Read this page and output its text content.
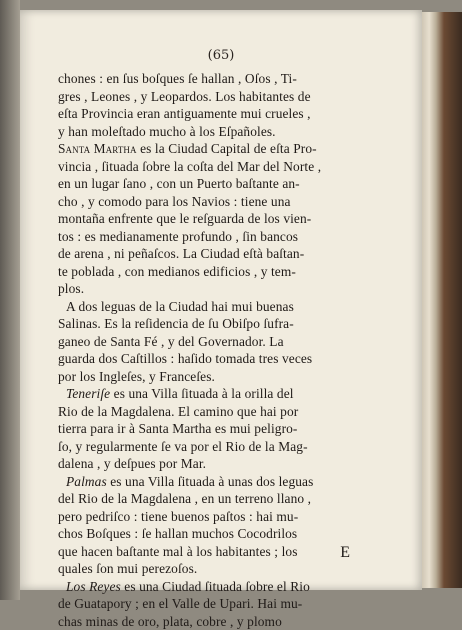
(65)
chones : en ſus boſques ſe hallan , Oſos , Ti-
gres , Leones , y Leopardos. Los habitantes de
eſta Provincia eran antiguamente mui crueles ,
y han moleſtado mucho à los Eſpañoles.
Santa Martha es la Ciudad Capital de eſta Pro-
vincia , ſituada ſobre la coſta del Mar del Norte ,
en un lugar ſano , con un Puerto baſtante an-
cho , y comodo para los Navios : tiene una
montaña enfrente que le reſguarda de los vien-
tos : es medianamente profundo , ſin bancos
de arena , ni peñaſcos. La Ciudad eſtà baſtan-
te poblada , con medianos edificios , y tem-
plos.
A dos leguas de la Ciudad hai mui buenas
Salinas. Es la reſidencia de ſu Obiſpo ſufra-
ganeo de Santa Fé , y del Governador. La
guarda dos Caſtillos : haſido tomada tres veces
por los Ingleſes, y Franceſes.
Teneriſe es una Villa ſituada à la orilla del
Rio de la Magdalena. El camino que hai por
tierra para ir à Santa Martha es mui peligro-
ſo, y regularmente ſe va por el Rio de la Mag-
dalena , y deſpues por Mar.
Palmas es una Villa ſituada à unas dos leguas
del Rio de la Magdalena , en un terreno llano ,
pero pedriſco : tiene buenos paſtos : hai mu-
chos Boſques : ſe hallan muchos Cocodrilos
que hacen baſtante mal à los habitantes ; los
quales ſon mui perezoſos.
Los Reyes es una Ciudad ſituada ſobre el Rio
de Guatapory ; en el Valle de Upari. Hai mu-
chas minas de oro, plata, cobre , y plomo
E
